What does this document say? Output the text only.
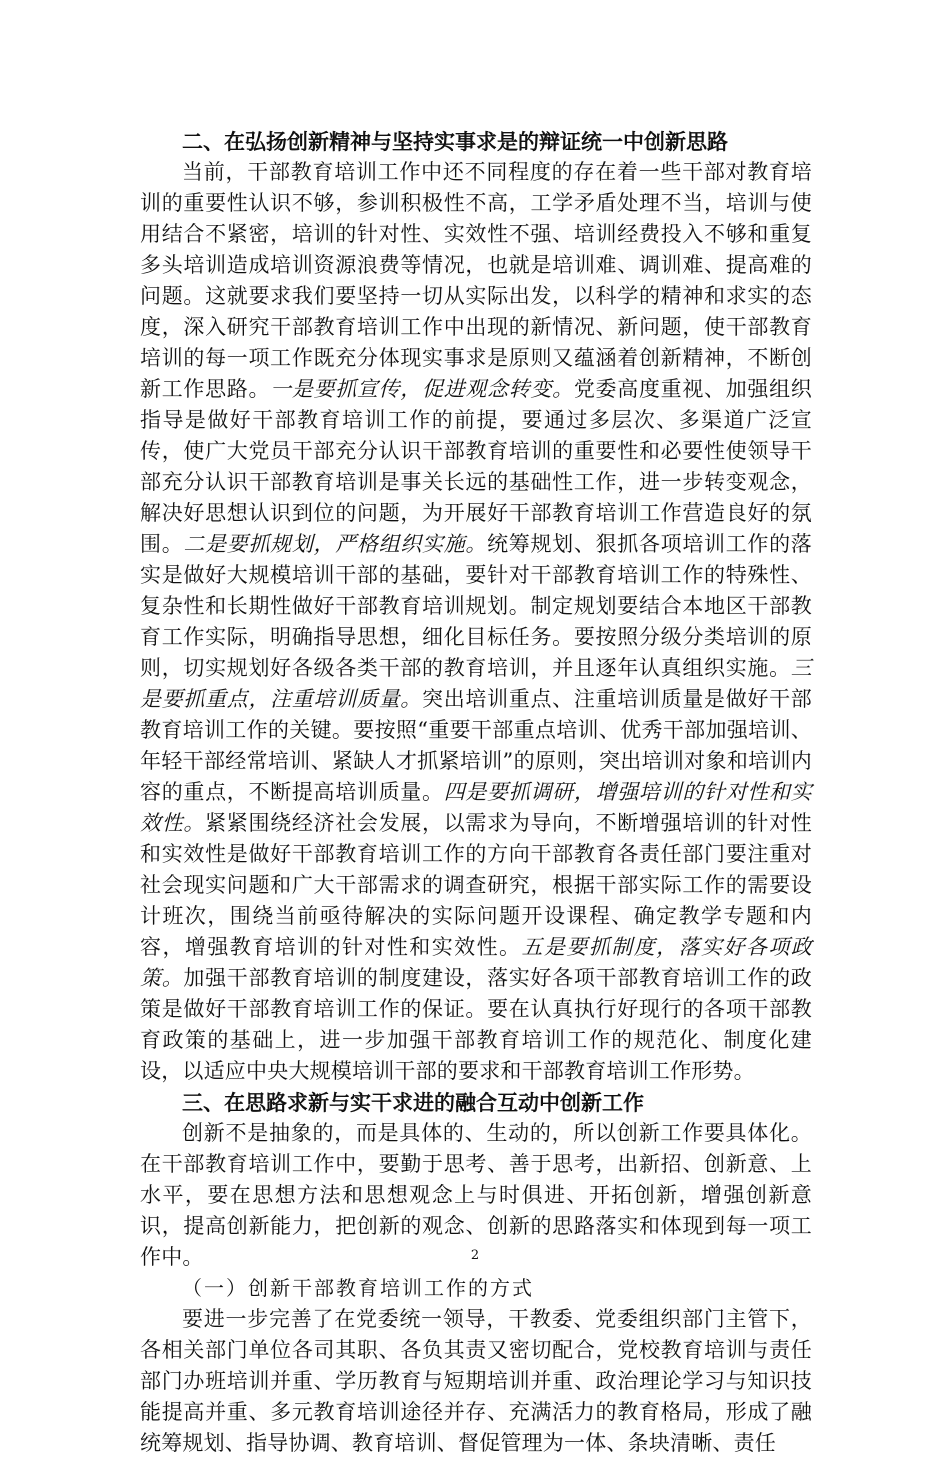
二、在弘扬创新精神与坚持实事求是的辩证统一中创新思路

当前，干部教育培训工作中还不同程度的存在着一些干部对教育培训的重要性认识不够，参训积极性不高，工学矛盾处理不当，培训与使用结合不紧密，培训的针对性、实效性不强、培训经费投入不够和重复多头培训造成培训资源浪费等情况，也就是培训难、调训难、提高难的问题。这就要求我们要坚持一切从实际出发，以科学的精神和求实的态度，深入研究干部教育培训工作中出现的新情况、新问题，使干部教育培训的每一项工作既充分体现实事求是原则又蕴涵着创新精神，不断创新工作思路。一是要抓宣传，促进观念转变。党委高度重视、加强组织指导是做好干部教育培训工作的前提，要通过多层次、多渠道广泛宣传，使广大党员干部充分认识干部教育培训的重要性和必要性使领导干部充分认识干部教育培训是事关长远的基础性工作，进一步转变观念，解决好思想认识到位的问题，为开展好干部教育培训工作营造良好的氛围。二是要抓规划，严格组织实施。统筹规划、狠抓各项培训工作的落实是做好大规模培训干部的基础，要针对干部教育培训工作的特殊性、复杂性和长期性做好干部教育培训规划。制定规划要结合本地区干部教育工作实际，明确指导思想，细化目标任务。要按照分级分类培训的原则，切实规划好各级各类干部的教育培训，并且逐年认真组织实施。三是要抓重点，注重培训质量。突出培训重点、注重培训质量是做好干部教育培训工作的关键。要按照“重要干部重点培训、优秀干部加强培训、年轻干部经常培训、紧缺人才抓紧培训”的原则，突出培训对象和培训内容的重点，不断提高培训质量。四是要抓调研，增强培训的针对性和实效性。紧紧围绕经济社会发展，以需求为导向，不断增强培训的针对性和实效性是做好干部教育培训工作的方向干部教育各责任部门要注重对社会现实问题和广大干部需求的调查研究，根据干部实际工作的需要设计班次，围绕当前亟待解决的实际问题开设课程、确定教学专题和内容，增强教育培训的针对性和实效性。五是要抓制度，落实好各项政策。加强干部教育培训的制度建设，落实好各项干部教育培训工作的政策是做好干部教育培训工作的保证。要在认真执行好现行的各项干部教育政策的基础上，进一步加强干部教育培训工作的规范化、制度化建设，以适应中央大规模培训干部的要求和干部教育培训工作形势。

三、在思路求新与实干求进的融合互动中创新工作

创新不是抽象的，而是具体的、生动的，所以创新工作要具体化。在干部教育培训工作中，要勤于思考、善于思考，出新招、创新意、上水平，要在思想方法和思想观念上与时俱进、开拓创新，增强创新意识，提高创新能力，把创新的观念、创新的思路落实和体现到每一项工作中。

（一）创新干部教育培训工作的方式

要进一步完善了在党委统一领导，干教委、党委组织部门主管下，各相关部门单位各司其职、各负其责又密切配合，党校教育培训与责任部门办班培训并重、学历教育与短期培训并重、政治理论学习与知识技能提高并重、多元教育培训途径并存、充满活力的教育格局，形成了融统筹规划、指导协调、教育培训、督促管理为一体、条块清晰、责任

2
